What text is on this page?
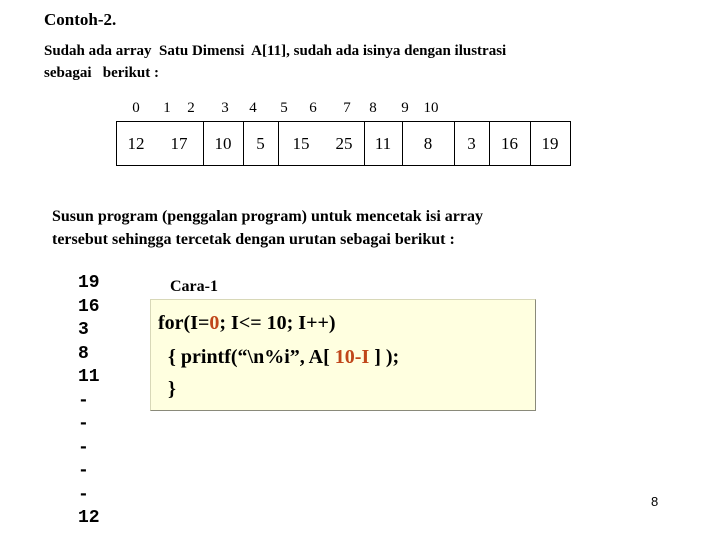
Contoh-2.
Sudah ada array  Satu Dimensi  A[11], sudah ada isinya dengan ilustrasi
sebagai   berikut :
0	1	2	3	4	5	6	7	8	9 10
12	17	10	5	15	25	11	8	3	16	19
Susun program (penggalan program) untuk mencetak isi array
tersebut sehingga tercetak dengan urutan sebagai berikut :
19
16
3
8
11
-
-
-
-
-
12
Cara-1
for(I=0; I<= 10; I++)
{ printf(“\n%i”, A[ 10-I ] );
}
8
